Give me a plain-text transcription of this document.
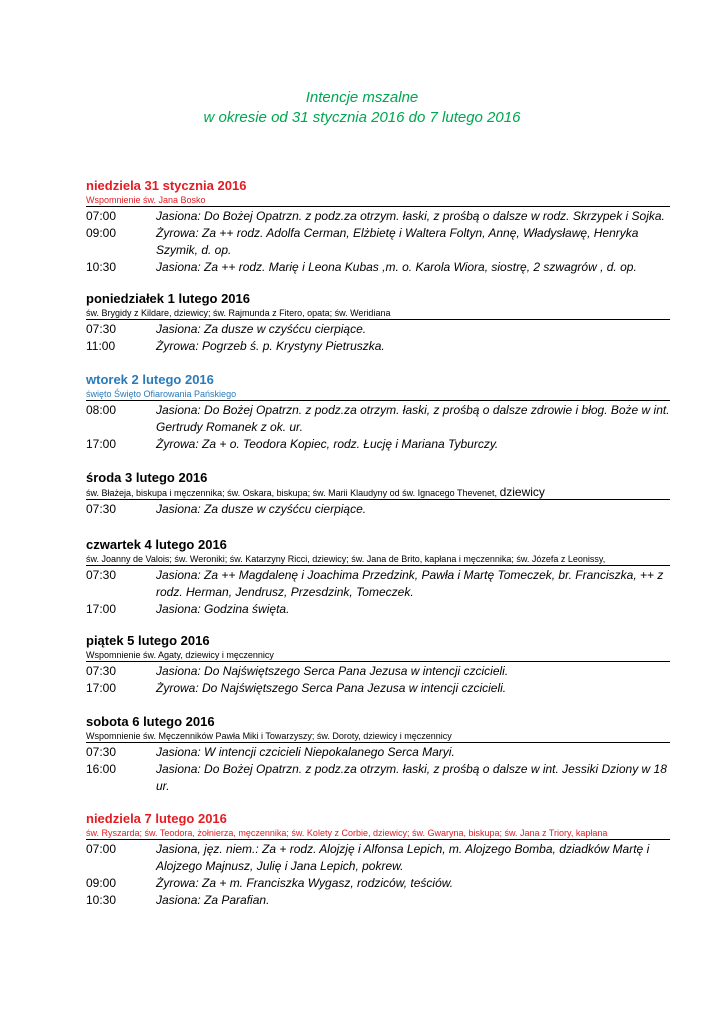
Intencje mszalne
w okresie od 31 stycznia 2016 do 7 lutego 2016
niedziela 31 stycznia 2016
Wspomnienie św. Jana Bosko
07:00	Jasiona: Do Bożej Opatrzn. z podz.za otrzym. łaski, z prośbą o dalsze w rodz. Skrzypek i Sojka.
09:00	Żyrowa: Za ++ rodz. Adolfa Cerman, Elżbietę i Waltera Foltyn, Annę, Władysławę, Henryka Szymik, d. op.
10:30	Jasiona: Za ++ rodz. Marię i Leona Kubas ,m. o. Karola Wiora, siostrę, 2 szwagrów , d. op.
poniedziałek 1 lutego 2016
św. Brygidy z Kildare, dziewicy; św. Rajmunda z Fitero, opata; św. Weridiana
07:30	Jasiona: Za dusze w czyśćcu cierpiące.
11:00	Żyrowa: Pogrzeb ś. p. Krystyny Pietruszka.
wtorek 2 lutego 2016
święto Święto Ofiarowania Pańskiego
08:00	Jasiona: Do Bożej Opatrzn. z podz.za otrzym. łaski, z prośbą o dalsze zdrowie i błog. Boże w int. Gertrudy Romanek z ok. ur.
17:00	Żyrowa: Za + o. Teodora Kopiec, rodz. Łucję i Mariana Tyburczy.
środa 3 lutego 2016
św. Błażeja, biskupa i męczennika; św. Oskara, biskupa; św. Marii Klaudyny od św. Ignacego Thevenet, dziewicy
07:30	Jasiona: Za dusze w czyśćcu cierpiące.
czwartek 4 lutego 2016
św. Joanny de Valois; św. Weroniki; św. Katarzyny Ricci, dziewicy; św. Jana de Brito, kapłana i męczennika; św. Józefa z Leonissy,
07:30	Jasiona: Za ++ Magdalenę i Joachima Przedzink, Pawła i Martę Tomeczek, br. Franciszka, ++ z rodz. Herman, Jendrusz, Przesdzink, Tomeczek.
17:00	Jasiona: Godzina święta.
piątek 5 lutego 2016
Wspomnienie św. Agaty, dziewicy i męczennicy
07:30	Jasiona: Do Najświętszego Serca Pana Jezusa w intencji czcicieli.
17:00	Żyrowa: Do Najświętszego Serca Pana Jezusa w intencji czcicieli.
sobota 6 lutego 2016
Wspomnienie św. Męczenników Pawła Miki i Towarzyszy; św. Doroty, dziewicy i męczennicy
07:30	Jasiona: W intencji czcicieli Niepokalanego Serca Maryi.
16:00	Jasiona: Do Bożej Opatrzn. z podz.za otrzym. łaski, z prośbą o dalsze w int. Jessiki Dziony w 18 ur.
niedziela 7 lutego 2016
św. Ryszarda; św. Teodora, żołnierza, męczennika; św. Kolety z Corbie, dziewicy; św. Gwaryna, biskupa; św. Jana z Triory, kapłana
07:00	Jasiona, jęz. niem.: Za + rodz. Alojzję i Alfonsa Lepich, m. Alojzego Bomba, dziadków Martę i Alojzego Majnusz, Julię i Jana Lepich, pokrew.
09:00	Żyrowa: Za + m. Franciszka Wygasz, rodziców, teściów.
10:30	Jasiona: Za Parafian.
